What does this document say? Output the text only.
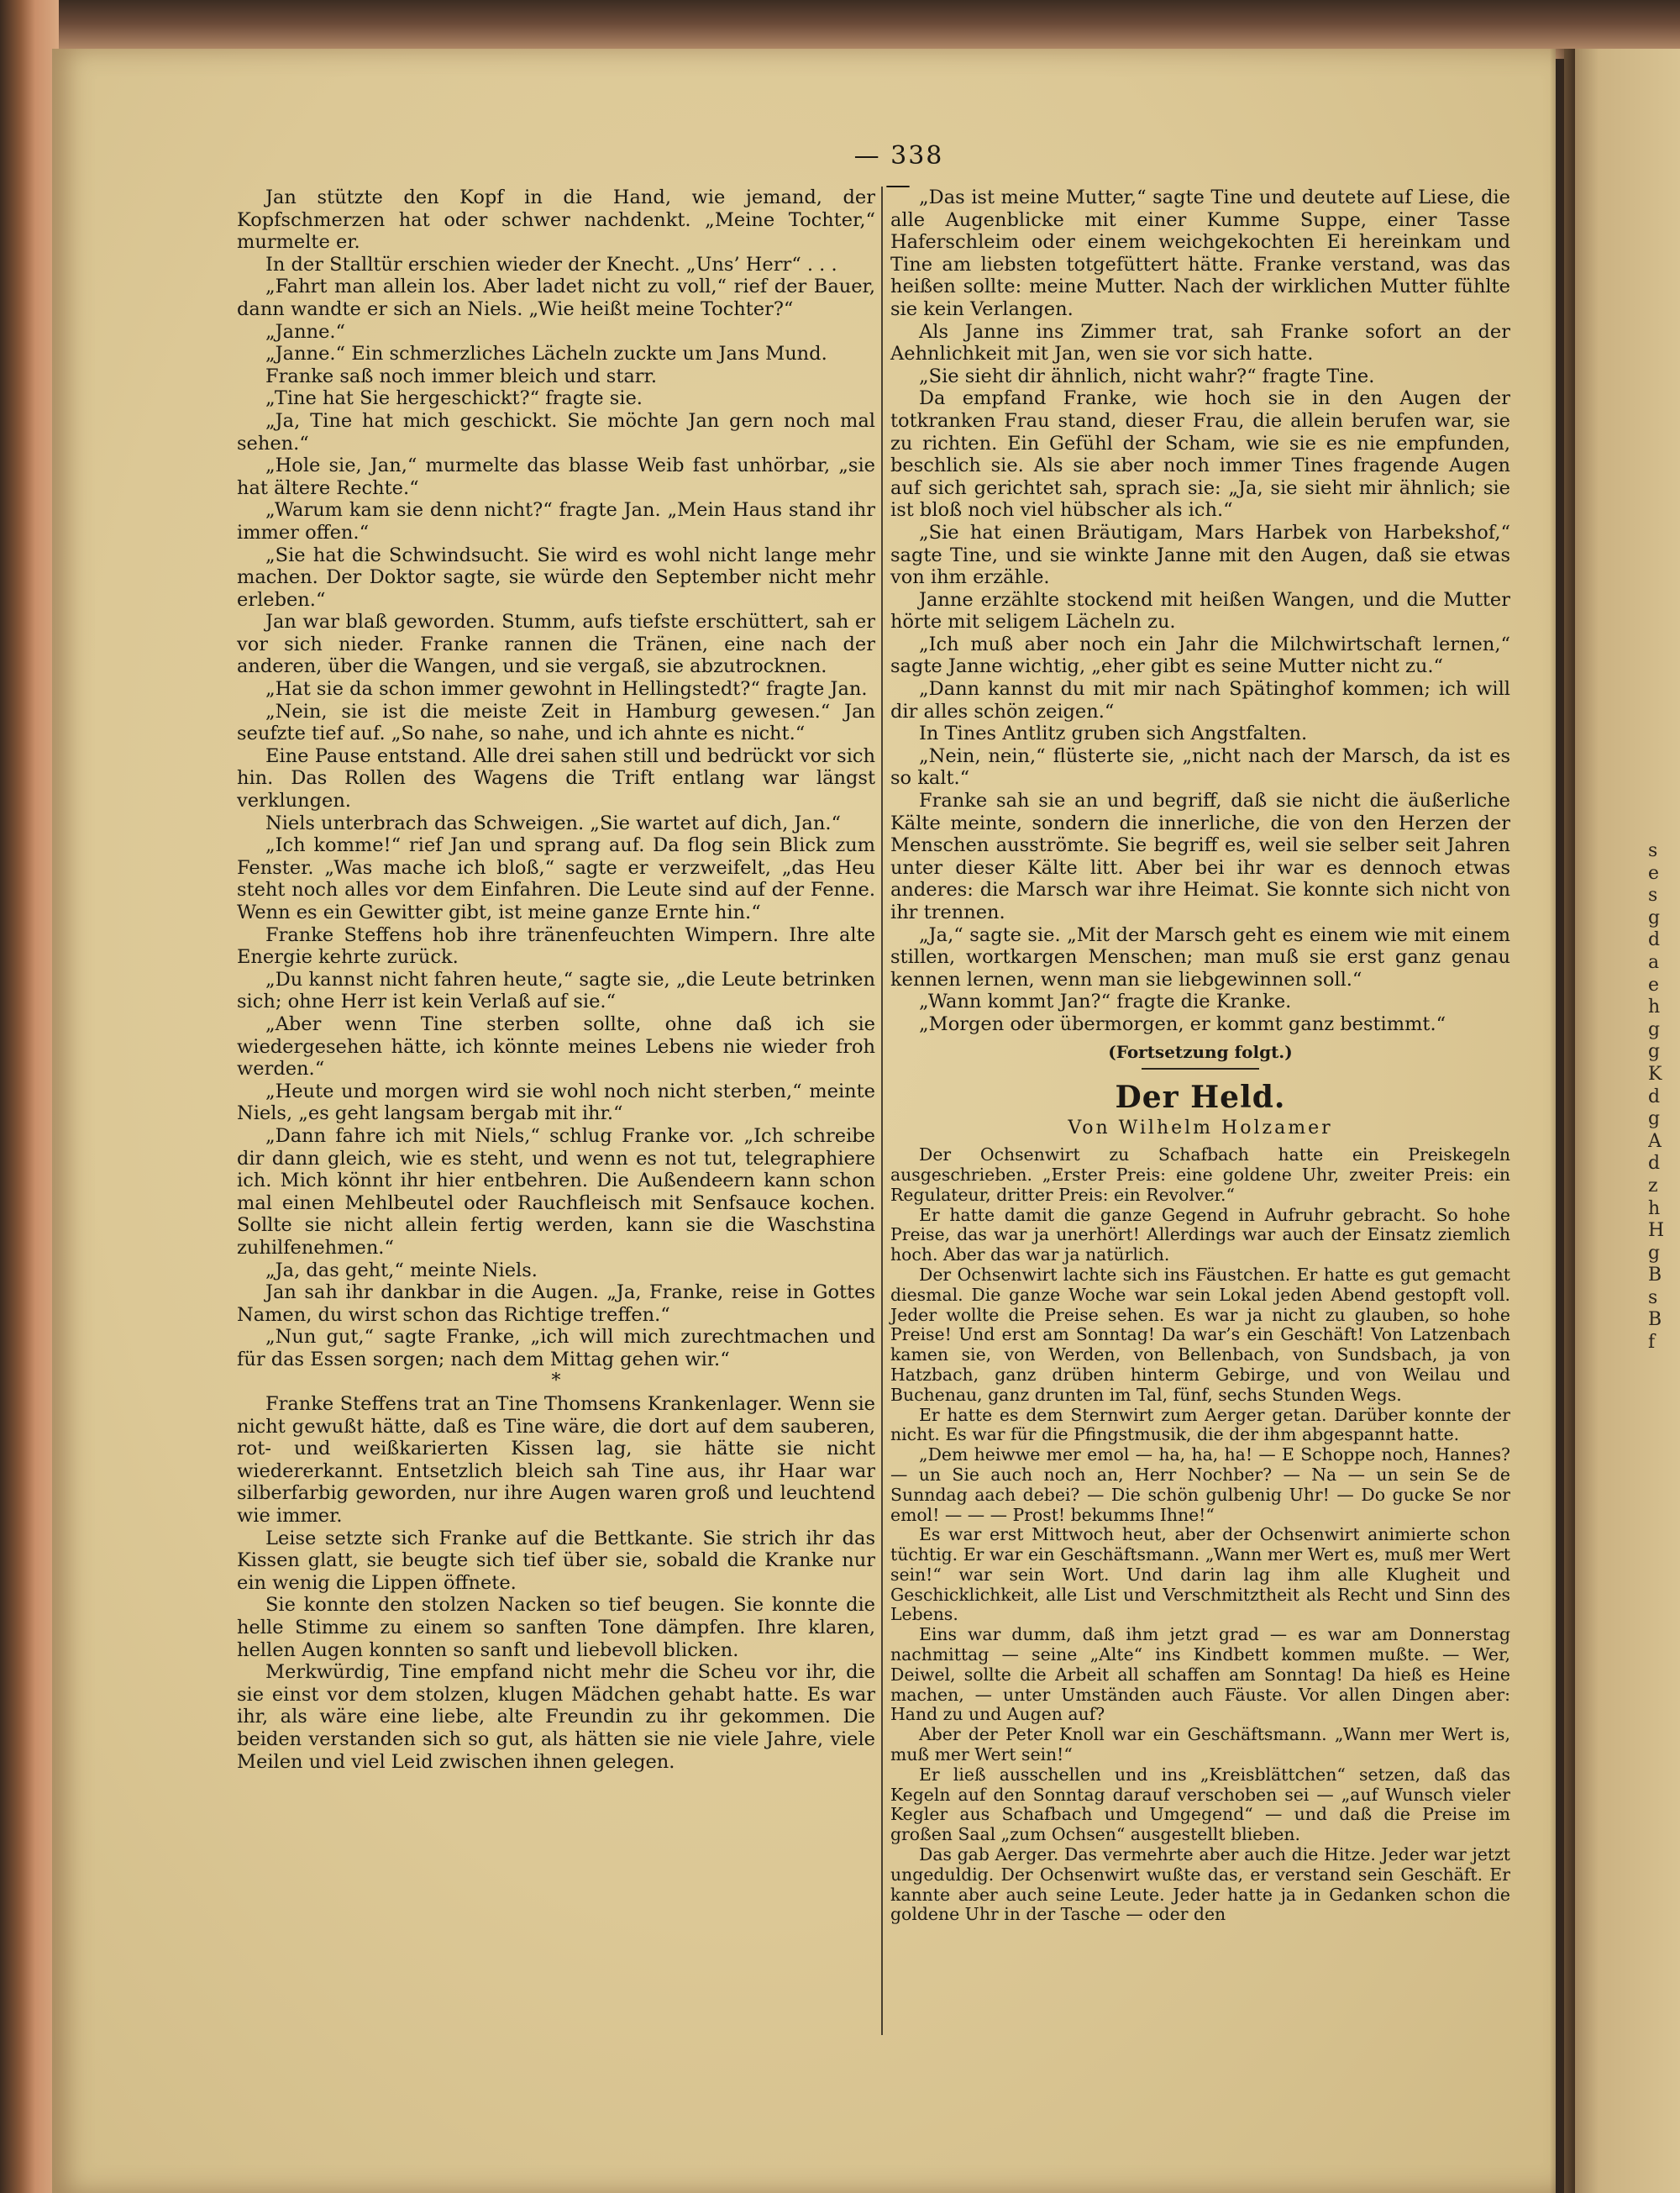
— 338 —

Jan stützte den Kopf in die Hand, wie jemand, der Kopfschmerzen hat oder schwer nachdenkt. „Meine Tochter,“ murmelte er.

In der Stalltür erschien wieder der Knecht. „Uns’ Herr“ . . .

„Fahrt man allein los. Aber ladet nicht zu voll,“ rief der Bauer, dann wandte er sich an Niels. „Wie heißt meine Tochter?“

„Janne.“

„Janne.“ Ein schmerzliches Lächeln zuckte um Jans Mund.

Franke saß noch immer bleich und starr.

„Tine hat Sie hergeschickt?“ fragte sie.

„Ja, Tine hat mich geschickt. Sie möchte Jan gern noch mal sehen.“

„Hole sie, Jan,“ murmelte das blasse Weib fast unhörbar, „sie hat ältere Rechte.“

„Warum kam sie denn nicht?“ fragte Jan. „Mein Haus stand ihr immer offen.“

„Sie hat die Schwindsucht. Sie wird es wohl nicht lange mehr machen. Der Doktor sagte, sie würde den September nicht mehr erleben.“

Jan war blaß geworden. Stumm, aufs tiefste erschüttert, sah er vor sich nieder. Franke rannen die Tränen, eine nach der anderen, über die Wangen, und sie vergaß, sie abzutrocknen.

„Hat sie da schon immer gewohnt in Hellingstedt?“ fragte Jan.

„Nein, sie ist die meiste Zeit in Hamburg gewesen.“ Jan seufzte tief auf. „So nahe, so nahe, und ich ahnte es nicht.“

Eine Pause entstand. Alle drei sahen still und bedrückt vor sich hin. Das Rollen des Wagens die Trift entlang war längst verklungen.

Niels unterbrach das Schweigen. „Sie wartet auf dich, Jan.“

„Ich komme!“ rief Jan und sprang auf. Da flog sein Blick zum Fenster. „Was mache ich bloß,“ sagte er verzweifelt, „das Heu steht noch alles vor dem Einfahren. Die Leute sind auf der Fenne. Wenn es ein Gewitter gibt, ist meine ganze Ernte hin.“

Franke Steffens hob ihre tränenfeuchten Wimpern. Ihre alte Energie kehrte zurück.

„Du kannst nicht fahren heute,“ sagte sie, „die Leute betrinken sich; ohne Herr ist kein Verlaß auf sie.“

„Aber wenn Tine sterben sollte, ohne daß ich sie wiedergesehen hätte, ich könnte meines Lebens nie wieder froh werden.“

„Heute und morgen wird sie wohl noch nicht sterben,“ meinte Niels, „es geht langsam bergab mit ihr.“

„Dann fahre ich mit Niels,“ schlug Franke vor. „Ich schreibe dir dann gleich, wie es steht, und wenn es not tut, telegraphiere ich. Mich könnt ihr hier entbehren. Die Außendeern kann schon mal einen Mehlbeutel oder Rauchfleisch mit Senfsauce kochen. Sollte sie nicht allein fertig werden, kann sie die Waschstina zuhilfenehmen.“

„Ja, das geht,“ meinte Niels.

Jan sah ihr dankbar in die Augen. „Ja, Franke, reise in Gottes Namen, du wirst schon das Richtige treffen.“

„Nun gut,“ sagte Franke, „ich will mich zurechtmachen und für das Essen sorgen; nach dem Mittag gehen wir.“

*

Franke Steffens trat an Tine Thomsens Krankenlager. Wenn sie nicht gewußt hätte, daß es Tine wäre, die dort auf dem sauberen, rot- und weißkarierten Kissen lag, sie hätte sie nicht wiedererkannt. Entsetzlich bleich sah Tine aus, ihr Haar war silberfarbig geworden, nur ihre Augen waren groß und leuchtend wie immer.

Leise setzte sich Franke auf die Bettkante. Sie strich ihr das Kissen glatt, sie beugte sich tief über sie, sobald die Kranke nur ein wenig die Lippen öffnete.

Sie konnte den stolzen Nacken so tief beugen. Sie konnte die helle Stimme zu einem so sanften Tone dämpfen. Ihre klaren, hellen Augen konnten so sanft und liebevoll blicken.

Merkwürdig, Tine empfand nicht mehr die Scheu vor ihr, die sie einst vor dem stolzen, klugen Mädchen gehabt hatte. Es war ihr, als wäre eine liebe, alte Freundin zu ihr gekommen. Die beiden verstanden sich so gut, als hätten sie nie viele Jahre, viele Meilen und viel Leid zwischen ihnen gelegen.

„Das ist meine Mutter,“ sagte Tine und deutete auf Liese, die alle Augenblicke mit einer Kumme Suppe, einer Tasse Haferschleim oder einem weichgekochten Ei hereinkam und Tine am liebsten totgefüttert hätte. Franke verstand, was das heißen sollte: meine Mutter. Nach der wirklichen Mutter fühlte sie kein Verlangen.

Als Janne ins Zimmer trat, sah Franke sofort an der Aehnlichkeit mit Jan, wen sie vor sich hatte.

„Sie sieht dir ähnlich, nicht wahr?“ fragte Tine.

Da empfand Franke, wie hoch sie in den Augen der totkranken Frau stand, dieser Frau, die allein berufen war, sie zu richten. Ein Gefühl der Scham, wie sie es nie empfunden, beschlich sie. Als sie aber noch immer Tines fragende Augen auf sich gerichtet sah, sprach sie: „Ja, sie sieht mir ähnlich; sie ist bloß noch viel hübscher als ich.“

„Sie hat einen Bräutigam, Mars Harbek von Harbekshof,“ sagte Tine, und sie winkte Janne mit den Augen, daß sie etwas von ihm erzähle.

Janne erzählte stockend mit heißen Wangen, und die Mutter hörte mit seligem Lächeln zu.

„Ich muß aber noch ein Jahr die Milchwirtschaft lernen,“ sagte Janne wichtig, „eher gibt es seine Mutter nicht zu.“

„Dann kannst du mit mir nach Spätinghof kommen; ich will dir alles schön zeigen.“

In Tines Antlitz gruben sich Angstfalten.

„Nein, nein,“ flüsterte sie, „nicht nach der Marsch, da ist es so kalt.“

Franke sah sie an und begriff, daß sie nicht die äußerliche Kälte meinte, sondern die innerliche, die von den Herzen der Menschen ausströmte. Sie begriff es, weil sie selber seit Jahren unter dieser Kälte litt. Aber bei ihr war es dennoch etwas anderes: die Marsch war ihre Heimat. Sie konnte sich nicht von ihr trennen.

„Ja,“ sagte sie. „Mit der Marsch geht es einem wie mit einem stillen, wortkargen Menschen; man muß sie erst ganz genau kennen lernen, wenn man sie liebgewinnen soll.“

„Wann kommt Jan?“ fragte die Kranke.

„Morgen oder übermorgen, er kommt ganz bestimmt.“

(Fortsetzung folgt.)

Der Held.
Von Wilhelm Holzamer

Der Ochsenwirt zu Schafbach hatte ein Preiskegeln ausgeschrieben. „Erster Preis: eine goldene Uhr, zweiter Preis: ein Regulateur, dritter Preis: ein Revolver.“

Er hatte damit die ganze Gegend in Aufruhr gebracht. So hohe Preise, das war ja unerhört! Allerdings war auch der Einsatz ziemlich hoch. Aber das war ja natürlich.

Der Ochsenwirt lachte sich ins Fäustchen. Er hatte es gut gemacht diesmal. Die ganze Woche war sein Lokal jeden Abend gestopft voll. Jeder wollte die Preise sehen. Es war ja nicht zu glauben, so hohe Preise! Und erst am Sonntag! Da war’s ein Geschäft! Von Latzenbach kamen sie, von Werden, von Bellenbach, von Sundsbach, ja von Hatzbach, ganz drüben hinterm Gebirge, und von Weilau und Buchenau, ganz drunten im Tal, fünf, sechs Stunden Wegs.

Er hatte es dem Sternwirt zum Aerger getan. Darüber konnte der nicht. Es war für die Pfingstmusik, die der ihm abgespannt hatte.

„Dem heiwwe mer emol — ha, ha, ha! — E Schoppe noch, Hannes? — un Sie auch noch an, Herr Nochber? — Na — un sein Se de Sunndag aach debei? — Die schön gulbenig Uhr! — Do gucke Se nor emol! — — — Prost! bekumms Ihne!“

Es war erst Mittwoch heut, aber der Ochsenwirt animierte schon tüchtig. Er war ein Geschäftsmann. „Wann mer Wert es, muß mer Wert sein!“ war sein Wort. Und darin lag ihm alle Klugheit und Geschicklichkeit, alle List und Verschmitztheit als Recht und Sinn des Lebens.

Eins war dumm, daß ihm jetzt grad — es war am Donnerstag nachmittag — seine „Alte“ ins Kindbett kommen mußte. — Wer, Deiwel, sollte die Arbeit all schaffen am Sonntag! Da hieß es Heine machen, — unter Umständen auch Fäuste. Vor allen Dingen aber: Hand zu und Augen auf?

Aber der Peter Knoll war ein Geschäftsmann. „Wann mer Wert is, muß mer Wert sein!“

Er ließ ausschellen und ins „Kreisblättchen“ setzen, daß das Kegeln auf den Sonntag darauf verschoben sei — „auf Wunsch vieler Kegler aus Schafbach und Umgegend“ — und daß die Preise im großen Saal „zum Ochsen“ ausgestellt blieben.

Das gab Aerger. Das vermehrte aber auch die Hitze. Jeder war jetzt ungeduldig. Der Ochsenwirt wußte das, er verstand sein Geschäft. Er kannte aber auch seine Leute. Jeder hatte ja in Gedanken schon die goldene Uhr in der Tasche — oder den

s
e
s
g
d
a
e
h
g
g
K
d
g
A
d
z
h
H
g
B
s
B
f
